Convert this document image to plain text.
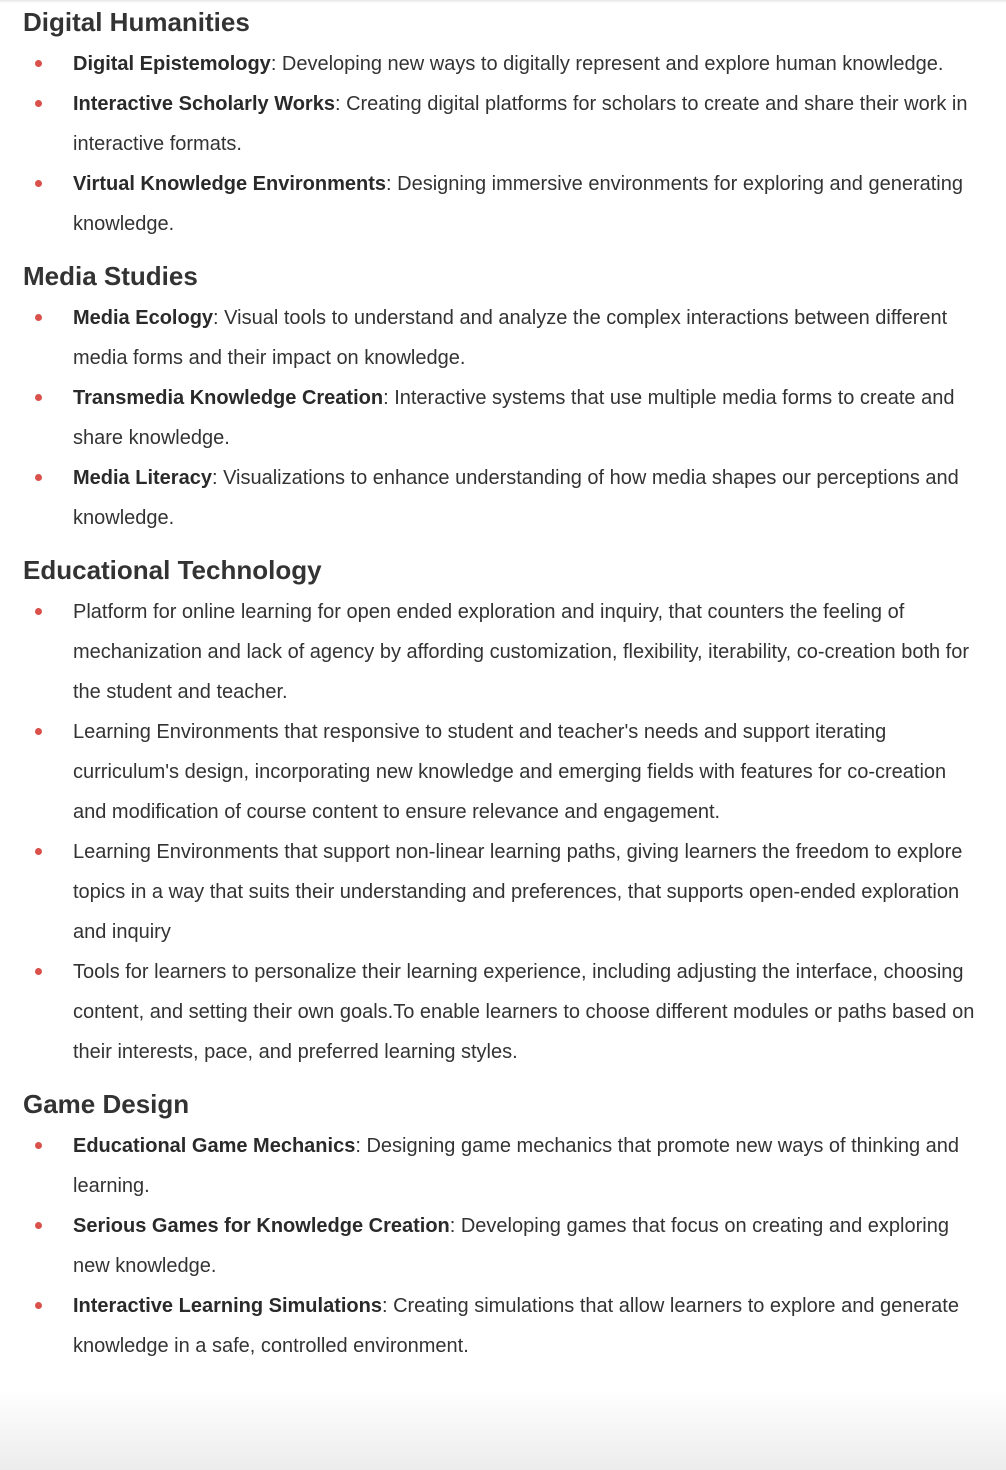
Digital Humanities
Digital Epistemology: Developing new ways to digitally represent and explore human knowledge.
Interactive Scholarly Works: Creating digital platforms for scholars to create and share their work in interactive formats.
Virtual Knowledge Environments: Designing immersive environments for exploring and generating knowledge.
Media Studies
Media Ecology: Visual tools to understand and analyze the complex interactions between different media forms and their impact on knowledge.
Transmedia Knowledge Creation: Interactive systems that use multiple media forms to create and share knowledge.
Media Literacy: Visualizations to enhance understanding of how media shapes our perceptions and knowledge.
Educational Technology
Platform for online learning for open ended exploration and inquiry, that counters the feeling of mechanization and lack of agency by affording customization, flexibility, iterability, co-creation both for the student and teacher.
Learning Environments that responsive to student and teacher's needs and support iterating curriculum's design, incorporating new knowledge and emerging fields with features for co-creation and modification of course content to ensure relevance and engagement.
Learning Environments that support non-linear learning paths, giving learners the freedom to explore topics in a way that suits their understanding and preferences, that supports open-ended exploration and inquiry
Tools for learners to personalize their learning experience, including adjusting the interface, choosing content, and setting their own goals.To enable learners to choose different modules or paths based on their interests, pace, and preferred learning styles.
Game Design
Educational Game Mechanics: Designing game mechanics that promote new ways of thinking and learning.
Serious Games for Knowledge Creation: Developing games that focus on creating and exploring new knowledge.
Interactive Learning Simulations: Creating simulations that allow learners to explore and generate knowledge in a safe, controlled environment.
